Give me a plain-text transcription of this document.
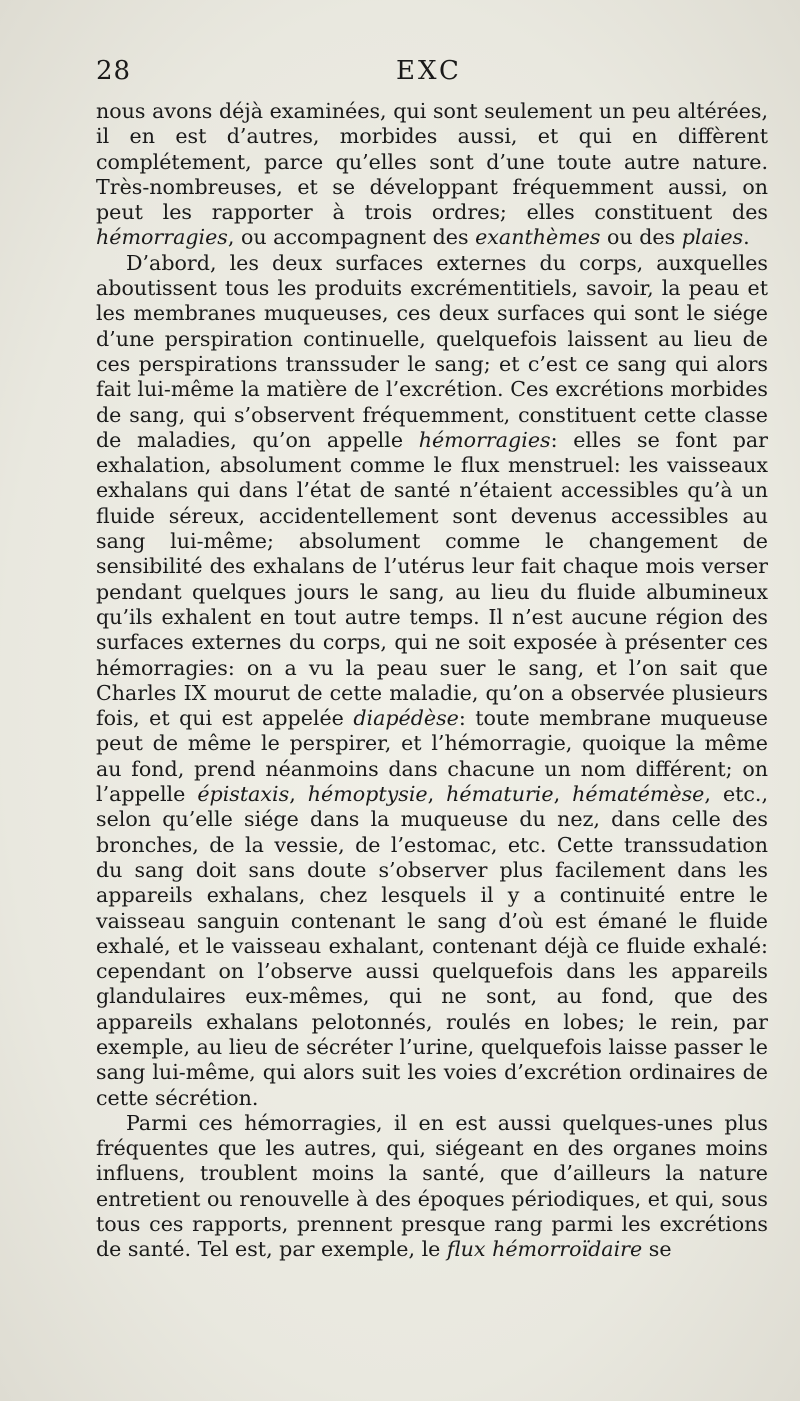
28	EXC

nous avons déjà examinées, qui sont seulement un peu altérées, il en est d’autres, morbides aussi, et qui en diffèrent complétement, parce qu’elles sont d’une toute autre nature. Très-nombreuses, et se développant fréquemment aussi, on peut les rapporter à trois ordres; elles constituent des hémorragies, ou accompagnent des exanthèmes ou des plaies.

D’abord, les deux surfaces externes du corps, auxquelles aboutissent tous les produits excrémentitiels, savoir, la peau et les membranes muqueuses, ces deux surfaces qui sont le siége d’une perspiration continuelle, quelquefois laissent au lieu de ces perspirations transsuder le sang; et c’est ce sang qui alors fait lui-même la matière de l’excrétion. Ces excrétions morbides de sang, qui s’observent fréquemment, constituent cette classe de maladies, qu’on appelle hémorragies: elles se font par exhalation, absolument comme le flux menstruel: les vaisseaux exhalans qui dans l’état de santé n’étaient accessibles qu’à un fluide séreux, accidentellement sont devenus accessibles au sang lui-même; absolument comme le changement de sensibilité des exhalans de l’utérus leur fait chaque mois verser pendant quelques jours le sang, au lieu du fluide albumineux qu’ils exhalent en tout autre temps. Il n’est aucune région des surfaces externes du corps, qui ne soit exposée à présenter ces hémorragies: on a vu la peau suer le sang, et l’on sait que Charles IX mourut de cette maladie, qu’on a observée plusieurs fois, et qui est appelée diapédèse: toute membrane muqueuse peut de même le perspirer, et l’hémorragie, quoique la même au fond, prend néanmoins dans chacune un nom différent; on l’appelle épistaxis, hémoptysie, hématurie, hématémèse, etc., selon qu’elle siége dans la muqueuse du nez, dans celle des bronches, de la vessie, de l’estomac, etc. Cette transsudation du sang doit sans doute s’observer plus facilement dans les appareils exhalans, chez lesquels il y a continuité entre le vaisseau sanguin contenant le sang d’où est émané le fluide exhalé, et le vaisseau exhalant, contenant déjà ce fluide exhalé: cependant on l’observe aussi quelquefois dans les appareils glandulaires eux-mêmes, qui ne sont, au fond, que des appareils exhalans pelotonnés, roulés en lobes; le rein, par exemple, au lieu de sécréter l’urine, quelquefois laisse passer le sang lui-même, qui alors suit les voies d’excrétion ordinaires de cette sécrétion.

Parmi ces hémorragies, il en est aussi quelques-unes plus fréquentes que les autres, qui, siégeant en des organes moins influens, troublent moins la santé, que d’ailleurs la nature entretient ou renouvelle à des époques périodiques, et qui, sous tous ces rapports, prennent presque rang parmi les excrétions de santé. Tel est, par exemple, le flux hémorroïdaire se
